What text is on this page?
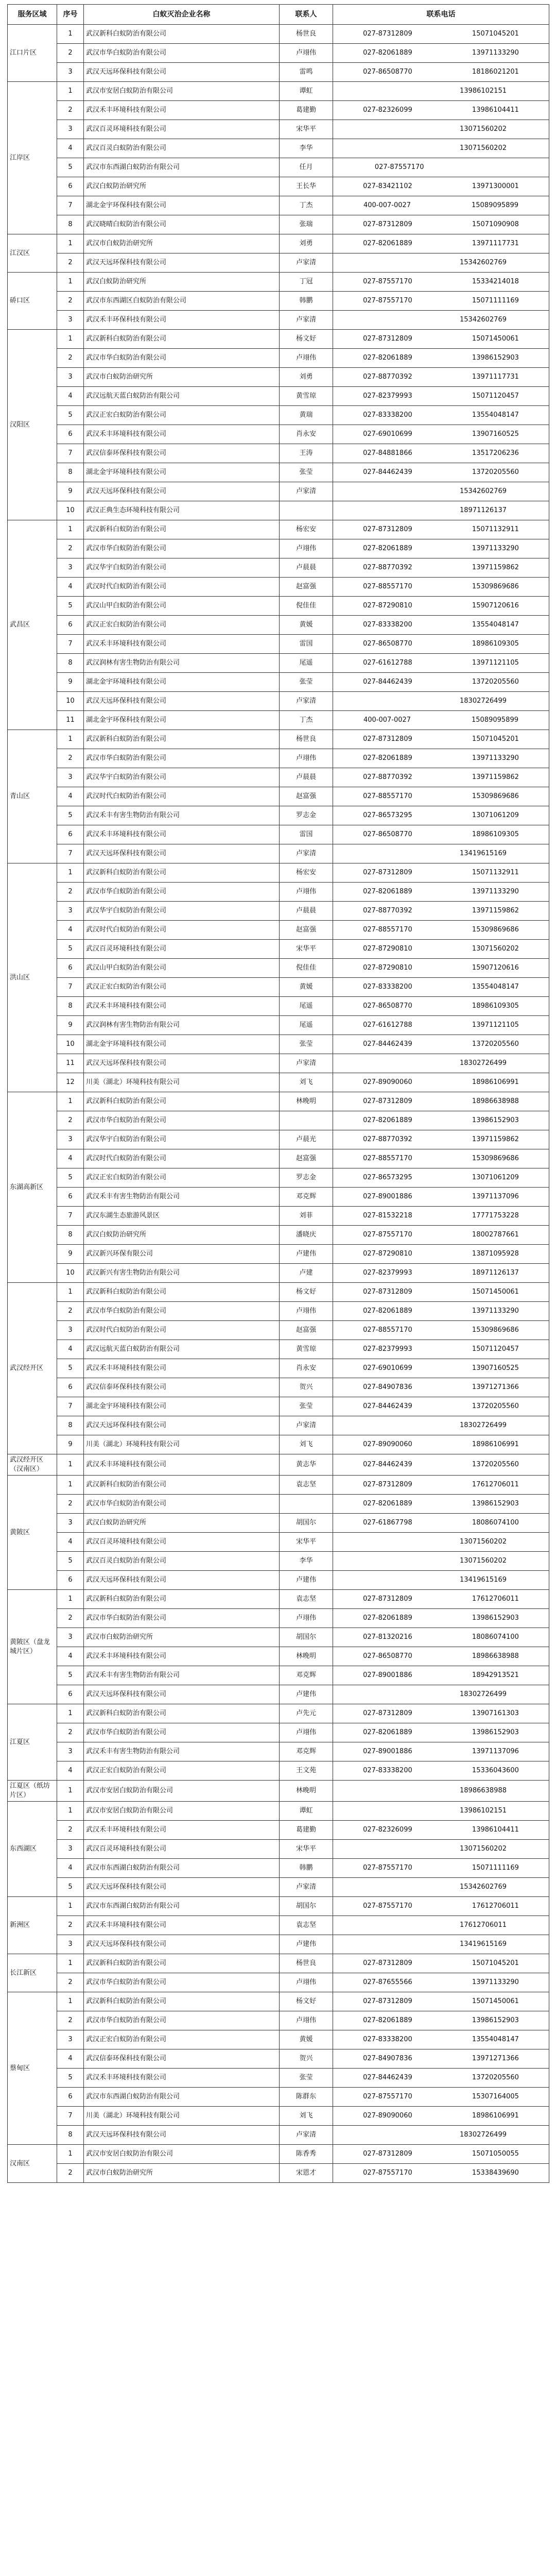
服务区域	序号	白蚁灭治企业名称	联系人	联系电话
江口片区	1	武汉新科白蚁防治有限公司	杨世良	027-87312809 15071045201

	2	武汉市华白蚁防治有限公司	卢翊伟	027-82061889 13971133290

	3	武汉天远环保科技有限公司	雷鸣	027-86508770 18186021201

江岸区	1	武汉市安居白蚁防治有限公司	谭虹	13986102151

	2	武汉禾丰环境科技有限公司	葛建勤	027-82326099 13986104411

	3	武汉百灵环境科技有限公司	宋华平	13071560202

	4	武汉百灵白蚁防治有限公司	李华	13071560202

	5	武汉市东西湖白蚁防治有限公司	任月	027-87557170

	6	武汉白蚁防治研究所	王长华	027-83421102 13971300001

	7	湖北金宇环保科技有限公司	丁杰	400-007-0027 15089095899

	8	武汉晓晴白蚁防治有限公司	张瑞	027-87312809 15071090908

江汉区	1	武汉市白蚁防治研究所	刘勇	027-82061889 13971117731

	2	武汉天远环保科技有限公司	卢家清	15342602769

硚口区	1	武汉白蚁防治研究所	丁冠	027-87557170 15334214018

	2	武汉市东西湖区白蚁防治有限公司	韩鹏	027-87557170 15071111169

	3	武汉禾丰环保科技有限公司	卢家清	15342602769

汉阳区	1	武汉新科白蚁防治有限公司	杨文好	027-87312809 15071450061

	2	武汉市华白蚁防治有限公司	卢翊伟	027-82061889 13986152903

	3	武汉市白蚁防治研究所	刘勇	027-88770392 13971117731

	4	武汉远航天蓝白蚁防治有限公司	黄雪琼	027-82379993 15071120457

	5	武汉正宏白蚁防治有限公司	黄瑞	027-83338200 13554048147

	6	武汉禾丰环境科技有限公司	肖永安	027-69010699 13907160525

	7	武汉信泰环保科技有限公司	王涛	027-84881866 13517206236

	8	湖北金宇环境科技有限公司	张莹	027-84462439 13720205560

	9	武汉天远环保科技有限公司	卢家清	15342602769

	10	武汉正典生态环境科技有限公司		18971126137

武昌区	1	武汉新科白蚁防治有限公司	杨宏安	027-87312809 15071132911

	2	武汉市华白蚁防治有限公司	卢翊伟	027-82061889 13971133290

	3	武汉华宇白蚁防治有限公司	卢晨晨	027-88770392 13971159862

	4	武汉时代白蚁防治有限公司	赵富强	027-88557170 15309869686

	5	武汉山甲白蚁防治有限公司	倪佳佳	027-87290810 15907120616

	6	武汉正宏白蚁防治有限公司	黄媛	027-83338200 13554048147

	7	武汉禾丰环境科技有限公司	雷国	027-86508770 18986109305

	8	武汉润林有害生物防治有限公司	尾遥	027-61612788 13971121105

	9	湖北金宇环境科技有限公司	张莹	027-84462439 13720205560

	10	武汉天远环保科技有限公司	卢家清	18302726499

	11	湖北金宇环保科技有限公司	丁杰	400-007-0027 15089095899

青山区	1	武汉新科白蚁防治有限公司	杨世良	027-87312809 15071045201

	2	武汉市华白蚁防治有限公司	卢翊伟	027-82061889 13971133290

	3	武汉华宇白蚁防治有限公司	卢晨晨	027-88770392 13971159862

	4	武汉时代白蚁防治有限公司	赵富强	027-88557170 15309869686

	5	武汉禾丰有害生物防治有限公司	罗志金	027-86573295 13071061209

	6	武汉禾丰环境科技有限公司	雷国	027-86508770 18986109305

	7	武汉天远环保科技有限公司	卢家清	13419615169

洪山区	1	武汉新科白蚁防治有限公司	杨宏安	027-87312809 15071132911

	2	武汉市华白蚁防治有限公司	卢翊伟	027-82061889 13971133290

	3	武汉华宇白蚁防治有限公司	卢晨晨	027-88770392 13971159862

	4	武汉时代白蚁防治有限公司	赵富强	027-88557170 15309869686

	5	武汉百灵环境科技有限公司	宋华平	027-87290810 13071560202

	6	武汉山甲白蚁防治有限公司	倪佳佳	027-87290810 15907120616

	7	武汉正宏白蚁防治有限公司	黄媛	027-83338200 13554048147

	8	武汉禾丰环境科技有限公司	尾遥	027-86508770 18986109305

	9	武汉润林有害生物防治有限公司	尾遥	027-61612788 13971121105

	10	湖北金宇环境科技有限公司	张莹	027-84462439 13720205560

	11	武汉天远环保科技有限公司	卢家清	18302726499

	12	川美（湖北）环境科技有限公司	刘飞	027-89090060 18986106991

东湖高新区	1	武汉新科白蚁防治有限公司	林晚明	027-87312809 18986638988

	2	武汉市华白蚁防治有限公司		027-82061889 13986152903

	3	武汉华宇白蚁防治有限公司	卢晨光	027-88770392 13971159862

	4	武汉时代白蚁防治有限公司	赵富强	027-88557170 15309869686

	5	武汉正宏白蚁防治有限公司	罗志金	027-86573295 13071061209

	6	武汉禾丰有害生物防治有限公司	邓克辉	027-89001886 13971137096

	7	武汉东湖生态旅游风景区	刘菲	027-81532218 17771753228

	8	武汉白蚁防治研究所	潘晓庆	027-87557170 18002787661

	9	武汉新兴环保有限公司	卢建伟	027-87290810 13871095928

	10	武汉新兴有害生物防治有限公司	卢建	027-82379993 18971126137

武汉经开区	1	武汉新科白蚁防治有限公司	杨文好	027-87312809 15071450061

	2	武汉市华白蚁防治有限公司	卢翊伟	027-82061889 13971133290

	3	武汉时代白蚁防治有限公司	赵富强	027-88557170 15309869686

	4	武汉远航天蓝白蚁防治有限公司	黄雪琼	027-82379993 15071120457

	5	武汉禾丰环境科技有限公司	肖永安	027-69010699 13907160525

	6	武汉信泰环保科技有限公司	贺兴	027-84907836 13971271366

	7	湖北金宇环境科技有限公司	张莹	027-84462439 13720205560

	8	武汉天远环保科技有限公司	卢家清	18302726499

	9	川美（湖北）环境科技有限公司	刘飞	027-89090060 18986106991

武汉经开区（汉南区）	1	武汉禾丰环境科技有限公司	黄志华	027-84462439 13720205560

黄陂区	1	武汉新科白蚁防治有限公司	袁志坚	027-87312809 17612706011

	2	武汉市华白蚁防治有限公司		027-82061889 13986152903

	3	武汉白蚁防治研究所	胡国尔	027-61867798 18086074100

	4	武汉百灵环境科技有限公司	宋华平	13071560202

	5	武汉百灵白蚁防治有限公司	李华	13071560202

	6	武汉天远环保科技有限公司	卢建伟	13419615169

黄陂区（盘龙城片区）	1	武汉新科白蚁防治有限公司	袁志坚	027-87312809 17612706011

	2	武汉市华白蚁防治有限公司	卢翊伟	027-82061889 13986152903

	3	武汉市白蚁防治研究所	胡国尔	027-81320216 18086074100

	4	武汉禾丰环境科技有限公司	林晚明	027-86508770 18986638988

	5	武汉禾丰有害生物防治有限公司	邓克辉	027-89001886 18942913521

	6	武汉天远环保科技有限公司	卢建伟	18302726499

江夏区	1	武汉新科白蚁防治有限公司	卢先元	027-87312809 13907161303

	2	武汉市华白蚁防治有限公司	卢翊伟	027-82061889 13986152903

	3	武汉禾丰有害生物防治有限公司	邓克辉	027-89001886 13971137096

	4	武汉正宏白蚁防治有限公司	王文苑	027-83338200 15336043600

江夏区（纸坊片区）	1	武汉市安居白蚁防治有限公司	林晚明	18986638988

东西湖区	1	武汉市安居白蚁防治有限公司	谭虹	13986102151

	2	武汉禾丰环境科技有限公司	葛建勤	027-82326099 13986104411

	3	武汉百灵环境科技有限公司	宋华平	13071560202

	4	武汉市东西湖白蚁防治有限公司	韩鹏	027-87557170 15071111169

	5	武汉天远环保科技有限公司	卢家清	15342602769

新洲区	1	武汉市东西湖白蚁防治有限公司	胡国尔	027-87557170 17612706011

	2	武汉禾丰环境科技有限公司	袁志坚	17612706011

	3	武汉天远环保科技有限公司	卢建伟	13419615169

长江新区	1	武汉新科白蚁防治有限公司	杨世良	027-87312809 15071045201

	2	武汉市华白蚁防治有限公司	卢翊伟	027-87655566 13971133290

蔡甸区	1	武汉新科白蚁防治有限公司	杨文好	027-87312809 15071450061

	2	武汉市华白蚁防治有限公司	卢翊伟	027-82061889 13986152903

	3	武汉正宏白蚁防治有限公司	黄媛	027-83338200 13554048147

	4	武汉信泰环保科技有限公司	贺兴	027-84907836 13971271366

	5	武汉禾丰环境科技有限公司	张莹	027-84462439 13720205560

	6	武汉市东西湖白蚁防治有限公司	陈群东	027-87557170 15307164005

	7	川美（湖北）环境科技有限公司	刘飞	027-89090060 18986106991

	8	武汉天远环保科技有限公司	卢家清	18302726499

汉南区	1	武汉市安居白蚁防治有限公司	陈香秀	027-87312809 15071050055

	2	武汉市白蚁防治研究所	宋恩才	027-87557170 15338439690
